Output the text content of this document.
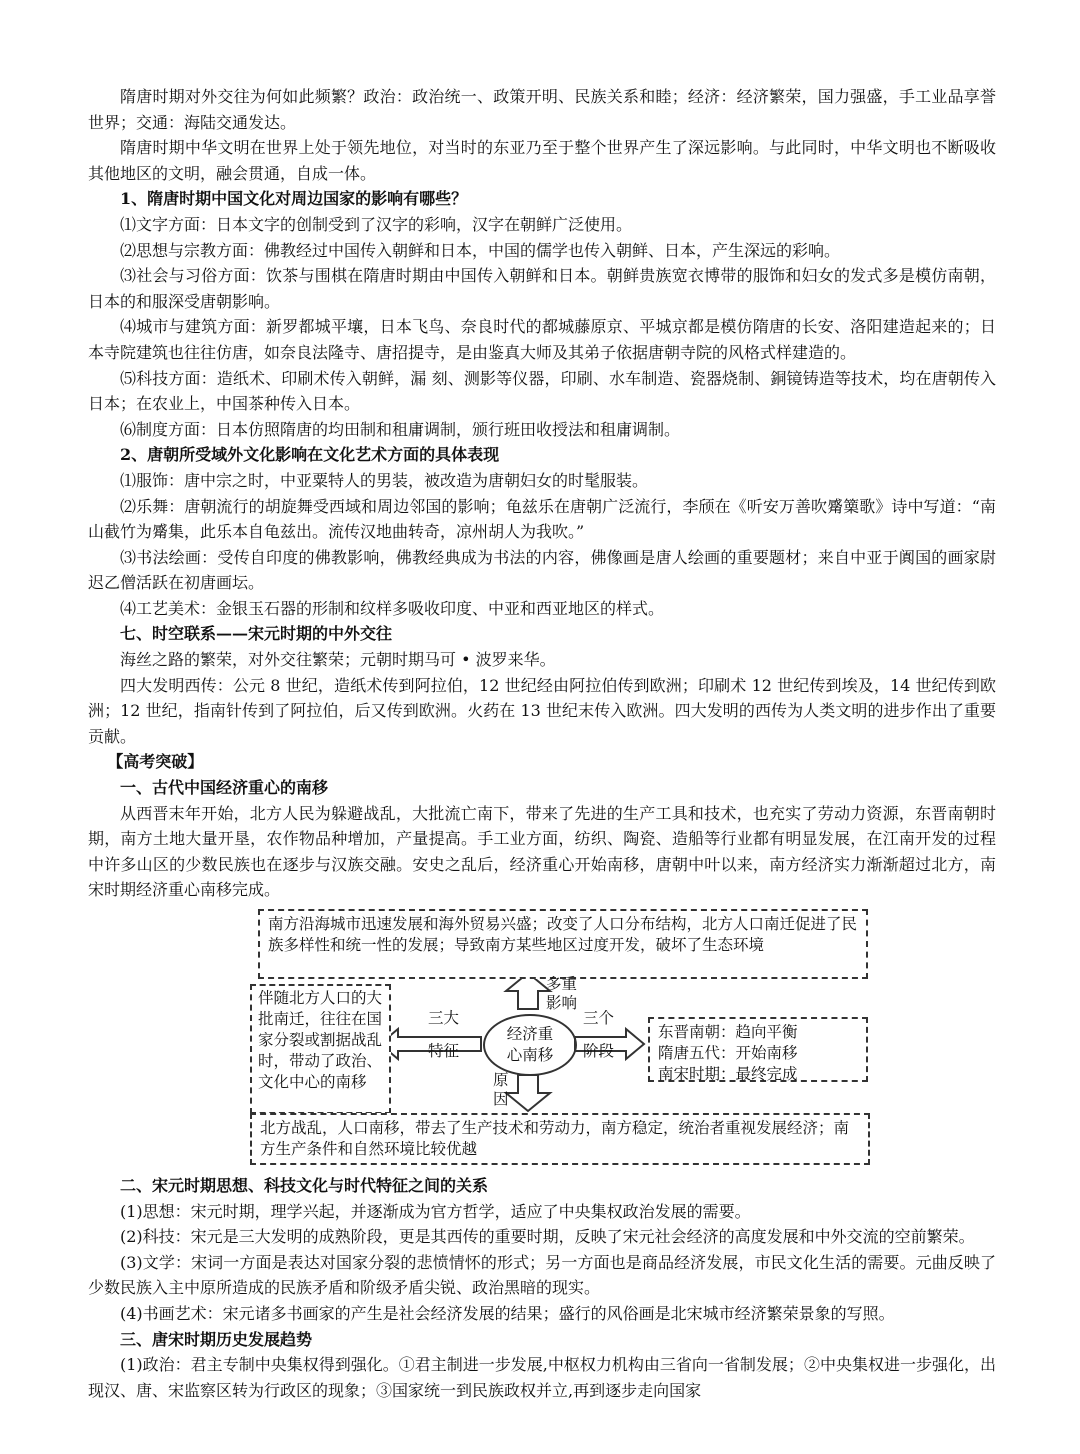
隋唐时期对外交往为何如此频繁？政治：政治统一、政策开明、民族关系和睦；经济：经济繁荣，国力强盛，手工业品享誉世界；交通：海陆交通发达。

隋唐时期中华文明在世界上处于领先地位，对当时的东亚乃至于整个世界产生了深远影响。与此同时，中华文明也不断吸收其他地区的文明，融会贯通，自成一体。

1、隋唐时期中国文化对周边国家的影响有哪些？

⑴文字方面：日本文字的创制受到了汉字的彩响，汉字在朝鲜广泛使用。

⑵思想与宗教方面：佛教经过中国传入朝鲜和日本，中国的儒学也传入朝鲜、日本，产生深远的彩响。

⑶社会与习俗方面：饮茶与围棋在隋唐时期由中国传入朝鲜和日本。朝鲜贵族宽衣博带的服饰和妇女的发式多是模仿南朝，日本的和服深受唐朝影响。

⑷城市与建筑方面：新罗都城平壤，日本飞鸟、奈良时代的都城藤原京、平城京都是模仿隋唐的长安、洛阳建造起来的；日本寺院建筑也往往仿唐，如奈良法隆寺、唐招提寺，是由鉴真大师及其弟子依据唐朝寺院的风格式样建造的。

⑸科技方面：造纸术、印刷术传入朝鲜，漏 刻、测影等仪器，印刷、水车制造、瓷器烧制、銅镜铸造等技术，均在唐朝传入日本；在农业上，中国茶种传入日本。

⑹制度方面：日本仿照隋唐的均田制和租庸调制，颁行班田收授法和租庸调制。

2、唐朝所受域外文化影响在文化艺术方面的具体表现

⑴服饰：唐中宗之时，中亚粟特人的男装，被改造为唐朝妇女的时髦服装。

⑵乐舞：唐朝流行的胡旋舞受西域和周边邻国的影响；龟兹乐在唐朝广泛流行，李颀在《听安万善吹觱篥歌》诗中写道：“南山截竹为觱集，此乐本自龟兹出。流传汉地曲转奇，凉州胡人为我吹。”

⑶书法绘画：受传自印度的佛教影响，佛教经典成为书法的内容，佛像画是唐人绘画的重要题材；来自中亚于阗国的画家尉迟乙僧活跃在初唐画坛。

⑷工艺美术：金银玉石器的形制和纹样多吸收印度、中亚和西亚地区的样式。

七、时空联系——宋元时期的中外交往

海丝之路的繁荣，对外交往繁荣；元朝时期马可 • 波罗来华。

四大发明西传：公元 8 世纪，造纸术传到阿拉伯，12 世纪经由阿拉伯传到欧洲；印刷术 12 世纪传到埃及，14 世纪传到欧洲；12 世纪，指南针传到了阿拉伯，后又传到欧洲。火药在 13 世纪末传入欧洲。四大发明的西传为人类文明的进步作出了重要贡献。

【高考突破】

一、古代中国经济重心的南移

从西晋末年开始，北方人民为躲避战乱，大批流亡南下，带来了先进的生产工具和技术，也充实了劳动力资源，东晋南朝时期，南方土地大量开垦，农作物品种增加，产量提高。手工业方面，纺织、陶瓷、造船等行业都有明显发展，在江南开发的过程中许多山区的少数民族也在逐步与汉族交融。安史之乱后，经济重心开始南移，唐朝中叶以来，南方经济实力渐渐超过北方，南宋时期经济重心南移完成。

南方沿海城市迅速发展和海外贸易兴盛；改变了人口分布结构，北方人口南迁促进了民族多样性和统一性的发展；导致南方某些地区过度开发，破坏了生态环境
伴随北方人口的大批南迁，往往在国家分裂或割据战乱时，带动了政治、文化中心的南移
经济重
心南移
多重
影响
三大
特征
三个
阶段
原
因
东晋南朝：趋向平衡
隋唐五代：开始南移
南宋时期：最终完成
北方战乱，人口南移，带去了生产技术和劳动力，南方稳定，统治者重视发展经济；南方生产条件和自然环境比较优越

二、宋元时期思想、科技文化与时代特征之间的关系

(1)思想：宋元时期，理学兴起，并逐渐成为官方哲学，适应了中央集权政治发展的需要。

(2)科技：宋元是三大发明的成熟阶段，更是其西传的重要时期，反映了宋元社会经济的高度发展和中外交流的空前繁荣。

(3)文学：宋词一方面是表达对国家分裂的悲愤情怀的形式；另一方面也是商品经济发展，市民文化生活的需要。元曲反映了少数民族入主中原所造成的民族矛盾和阶级矛盾尖锐、政治黑暗的现实。

(4)书画艺术：宋元诸多书画家的产生是社会经济发展的结果；盛行的风俗画是北宋城市经济繁荣景象的写照。

三、唐宋时期历史发展趋势

(1)政治：君主专制中央集权得到强化。①君主制进一步发展,中枢权力机构由三省向一省制发展；②中央集权进一步强化，出现汉、唐、宋监察区转为行政区的现象；③国家统一到民族政权并立,再到逐步走向国家
